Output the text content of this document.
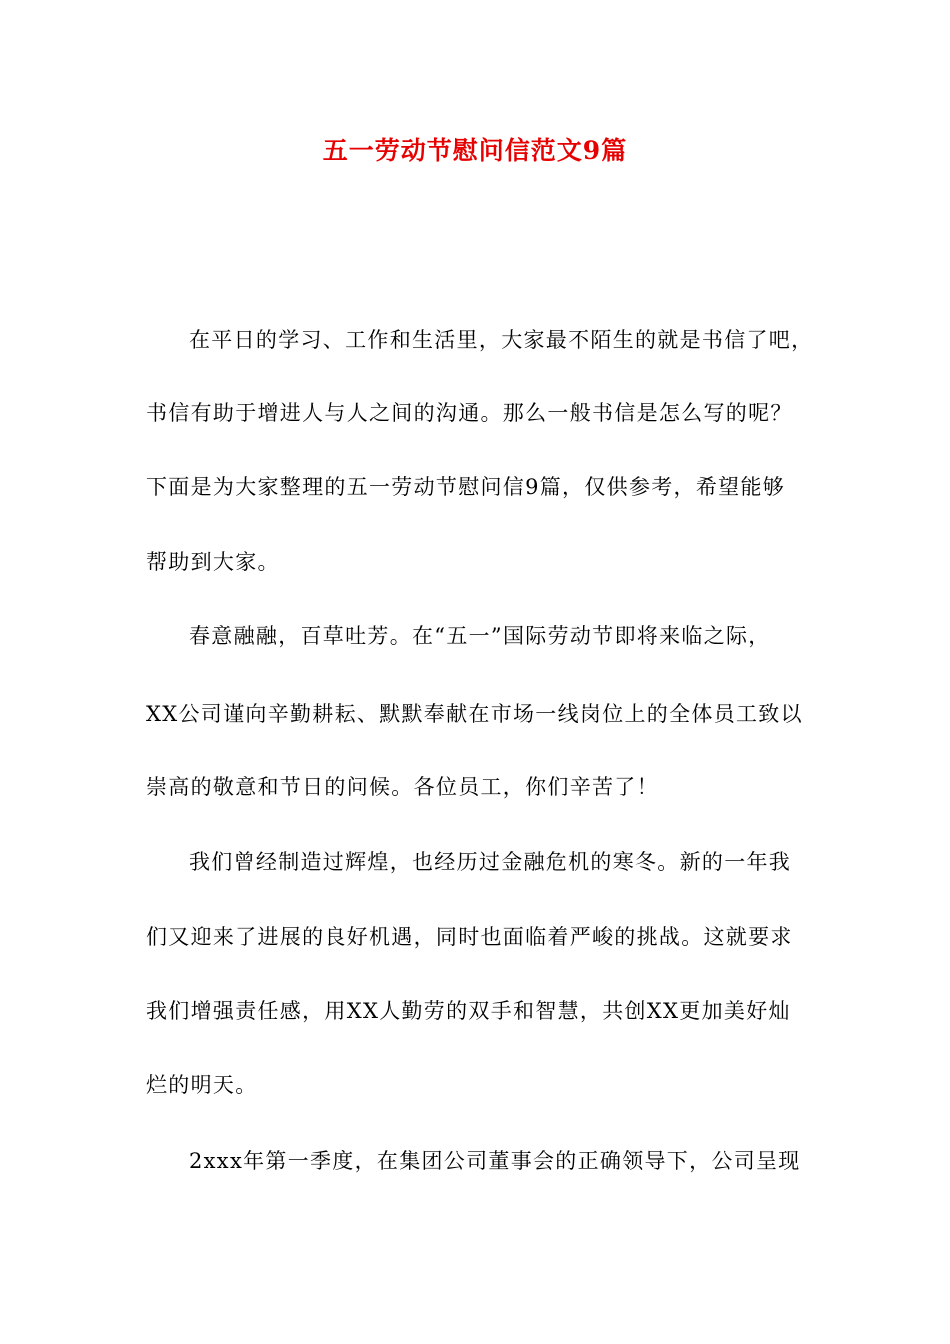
五一劳动节慰问信范文9篇
在平日的学习、工作和生活里，大家最不陌生的就是书信了吧，
书信有助于增进人与人之间的沟通。那么一般书信是怎么写的呢？
下面是为大家整理的五一劳动节慰问信9篇，仅供参考，希望能够
帮助到大家。
春意融融，百草吐芳。在“五一”国际劳动节即将来临之际，
XX公司谨向辛勤耕耘、默默奉献在市场一线岗位上的全体员工致以
崇高的敬意和节日的问候。各位员工，你们辛苦了！
我们曾经制造过辉煌，也经历过金融危机的寒冬。新的一年我
们又迎来了进展的良好机遇，同时也面临着严峻的挑战。这就要求
我们增强责任感，用XX人勤劳的双手和智慧，共创XX更加美好灿
烂的明天。
2xxx年第一季度，在集团公司董事会的正确领导下，公司呈现
